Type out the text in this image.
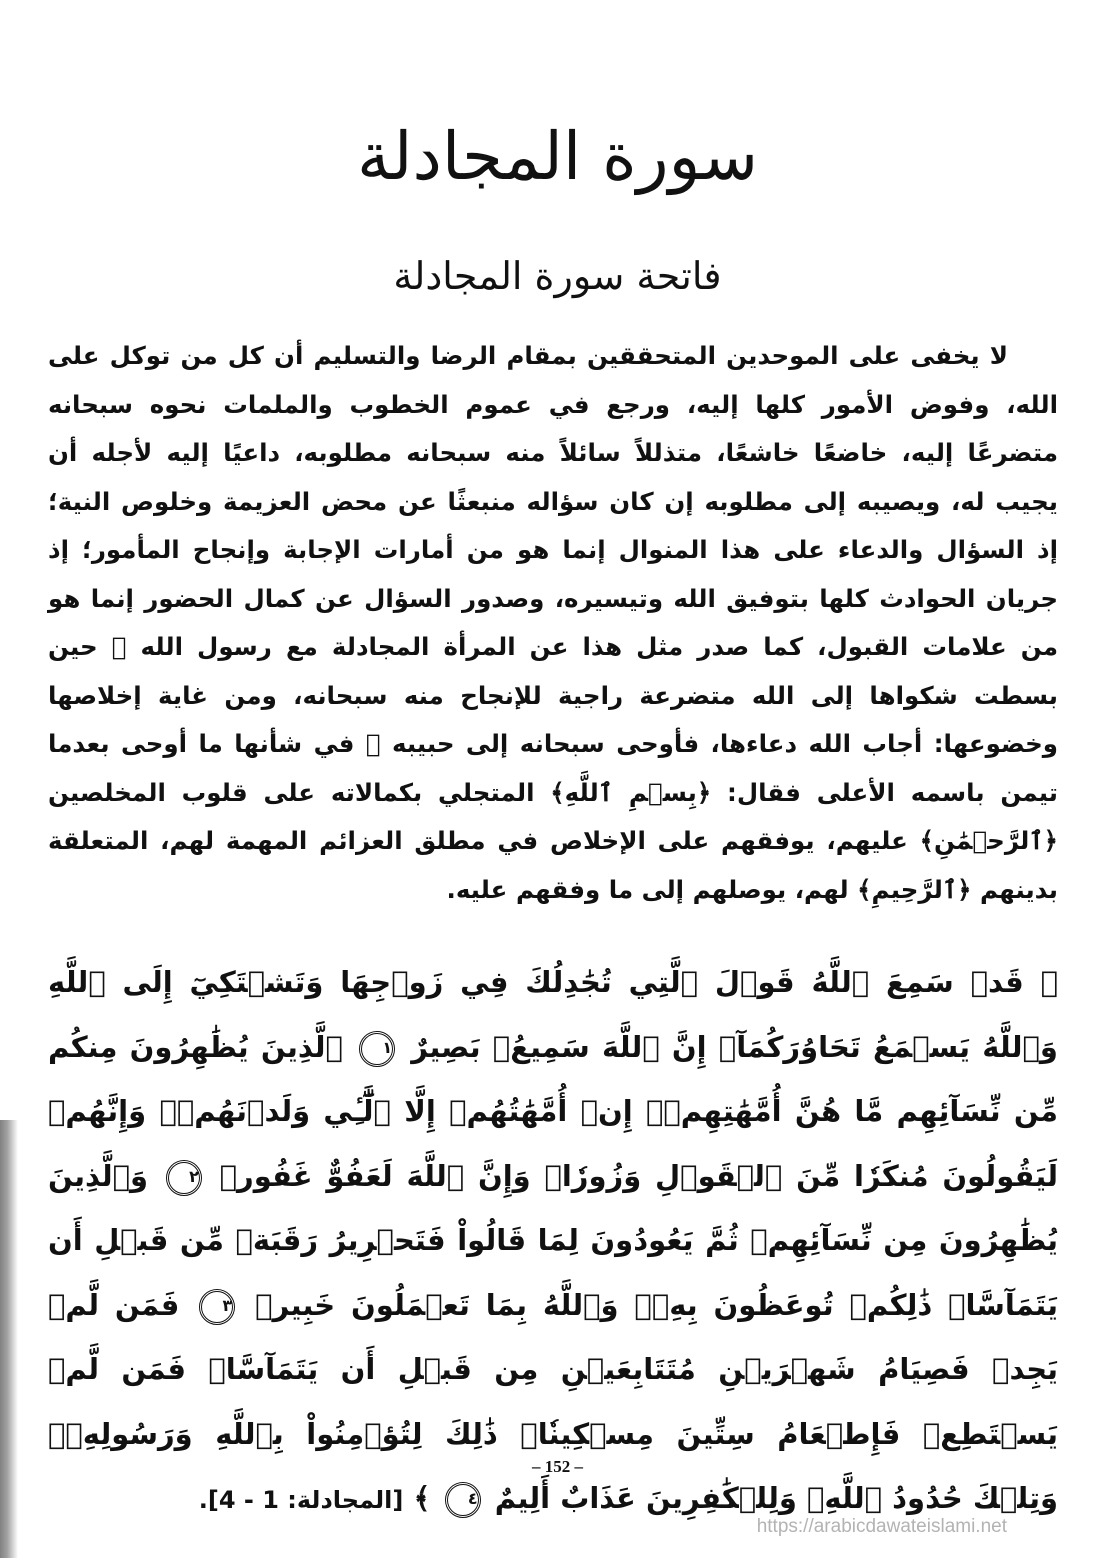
سورة المجادلة
فاتحة سورة المجادلة

لا يخفى على الموحدين المتحققين بمقام الرضا والتسليم أن كل من توكل على الله، وفوض الأمور كلها إليه، ورجع في عموم الخطوب والملمات نحوه سبحانه متضرعًا إليه، خاضعًا خاشعًا، متذللاً سائلاً منه سبحانه مطلوبه، داعيًا إليه لأجله أن يجيب له، ويصيبه إلى مطلوبه إن كان سؤاله منبعثًا عن محض العزيمة وخلوص النية؛ إذ السؤال والدعاء على هذا المنوال إنما هو من أمارات الإجابة وإنجاح المأمور؛ إذ جريان الحوادث كلها بتوفيق الله وتيسيره، وصدور السؤال عن كمال الحضور إنما هو من علامات القبول، كما صدر مثل هذا عن المرأة المجادلة مع رسول الله ﷺ حين بسطت شكواها إلى الله متضرعة راجية للإنجاح منه سبحانه، ومن غاية إخلاصها وخضوعها: أجاب الله دعاءها، فأوحى سبحانه إلى حبيبه ﷺ في شأنها ما أوحى بعدما تيمن باسمه الأعلى فقال: ﴿بِسۡمِ ٱللَّهِ﴾ المتجلي بكمالاته على قلوب المخلصين ﴿ٱلرَّحۡمَٰنِ﴾ عليهم، يوفقهم على الإخلاص في مطلق العزائم المهمة لهم، المتعلقة بدينهم ﴿ٱلرَّحِيمِ﴾ لهم، يوصلهم إلى ما وفقهم عليه.

﴿ قَدۡ سَمِعَ ٱللَّهُ قَوۡلَ ٱلَّتِي تُجَٰدِلُكَ فِي زَوۡجِهَا وَتَشۡتَكِيٓ إِلَى ٱللَّهِ وَٱللَّهُ يَسۡمَعُ تَحَاوُرَكُمَآۚ إِنَّ ٱللَّهَ سَمِيعُۢ بَصِيرٌ ١ ٱلَّذِينَ يُظَٰهِرُونَ مِنكُم مِّن نِّسَآئِهِم مَّا هُنَّ أُمَّهَٰتِهِمۡۖ إِنۡ أُمَّهَٰتُهُمۡ إِلَّا ٱلَّٰٓـِٔي وَلَدۡنَهُمۡۚ وَإِنَّهُمۡ لَيَقُولُونَ مُنكَرٗا مِّنَ ٱلۡقَوۡلِ وَزُورٗاۚ وَإِنَّ ٱللَّهَ لَعَفُوٌّ غَفُورٞ ٢ وَٱلَّذِينَ يُظَٰهِرُونَ مِن نِّسَآئِهِمۡ ثُمَّ يَعُودُونَ لِمَا قَالُواْ فَتَحۡرِيرُ رَقَبَةٖ مِّن قَبۡلِ أَن يَتَمَآسَّاۚ ذَٰلِكُمۡ تُوعَظُونَ بِهِۦۚ وَٱللَّهُ بِمَا تَعۡمَلُونَ خَبِيرٞ ٣ فَمَن لَّمۡ يَجِدۡ فَصِيَامُ شَهۡرَيۡنِ مُتَتَابِعَيۡنِ مِن قَبۡلِ أَن يَتَمَآسَّاۖ فَمَن لَّمۡ يَسۡتَطِعۡ فَإِطۡعَامُ سِتِّينَ مِسۡكِينٗاۚ ذَٰلِكَ لِتُؤۡمِنُواْ بِٱللَّهِ وَرَسُولِهِۦۚ وَتِلۡكَ حُدُودُ ٱللَّهِۗ وَلِلۡكَٰفِرِينَ عَذَابٌ أَلِيمٌ ٤ ﴾ [المجادلة: 1 - 4].
– 152 –
https://arabicdawateislami.net
